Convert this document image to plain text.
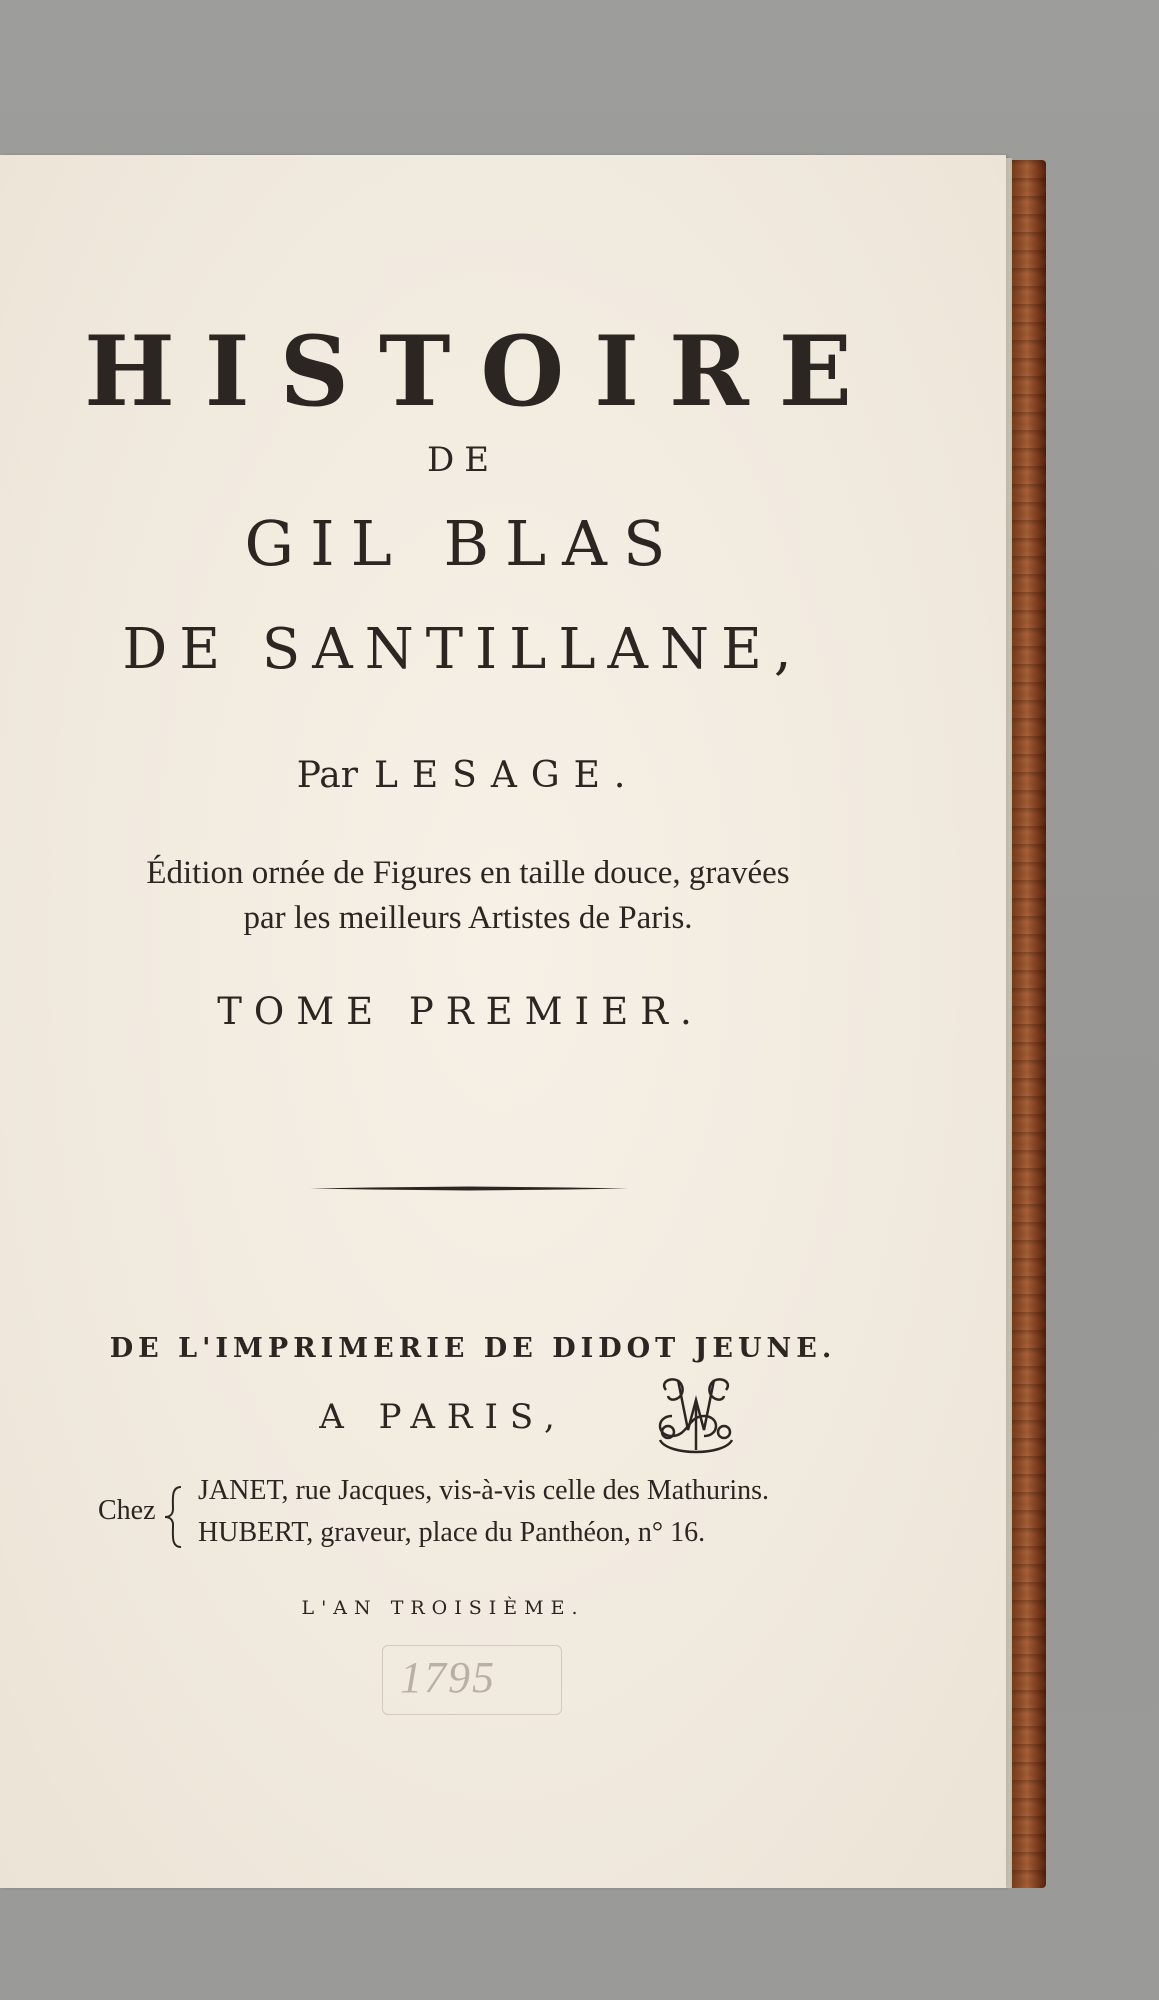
HISTOIRE
DE
GIL BLAS
DE SANTILLANE,
Par LESAGE.
Édition ornée de Figures en taille douce, gravées
par les meilleurs Artistes de Paris.
TOME PREMIER.
DE L'IMPRIMERIE DE DIDOT JEUNE.
A PARIS,
Chez
JANET, rue Jacques, vis-à-vis celle des Mathurins.
HUBERT, graveur, place du Panthéon, n° 16.
L'AN TROISIÈME.
1795
